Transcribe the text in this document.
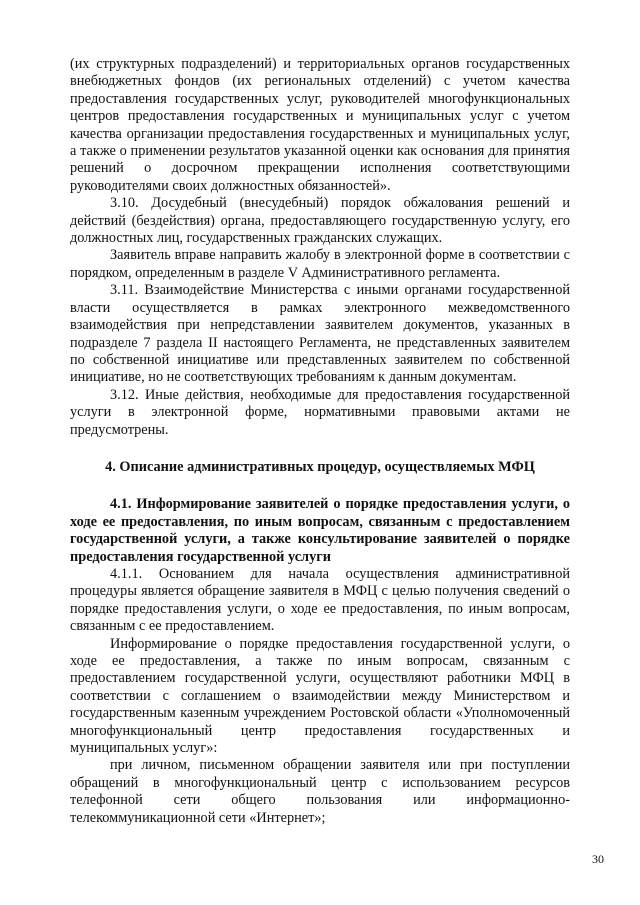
(их структурных подразделений) и территориальных органов государственных внебюджетных фондов (их региональных отделений) с учетом качества предоставления государственных услуг, руководителей многофункциональных центров предоставления государственных и муниципальных услуг с учетом качества организации предоставления государственных и муниципальных услуг, а также о применении результатов указанной оценки как основания для принятия решений о досрочном прекращении исполнения соответствующими руководителями своих должностных обязанностей».

3.10. Досудебный (внесудебный) порядок обжалования решений и действий (бездействия) органа, предоставляющего государственную услугу, его должностных лиц, государственных гражданских служащих.

Заявитель вправе направить жалобу в электронной форме в соответствии с порядком, определенным в разделе V Административного регламента.

3.11. Взаимодействие Министерства с иными органами государственной власти осуществляется в рамках электронного межведомственного взаимодействия при непредставлении заявителем документов, указанных в подразделе 7 раздела II настоящего Регламента, не представленных заявителем по собственной инициативе или представленных заявителем по собственной инициативе, но не соответствующих требованиям к данным документам.

3.12. Иные действия, необходимые для предоставления государственной услуги в электронной форме, нормативными правовыми актами не предусмотрены.

4. Описание административных процедур, осуществляемых МФЦ

4.1. Информирование заявителей о порядке предоставления услуги, о ходе ее предоставления, по иным вопросам, связанным с предоставлением государственной услуги, а также консультирование заявителей о порядке предоставления государственной услуги

4.1.1. Основанием для начала осуществления административной процедуры является обращение заявителя в МФЦ с целью получения сведений о порядке предоставления услуги, о ходе ее предоставления, по иным вопросам, связанным с ее предоставлением.

Информирование о порядке предоставления государственной услуги, о ходе ее предоставления, а также по иным вопросам, связанным с предоставлением государственной услуги, осуществляют работники МФЦ в соответствии с соглашением о взаимодействии между Министерством и государственным казенным учреждением Ростовской области «Уполномоченный многофункциональный центр предоставления государственных и муниципальных услуг»:

при личном, письменном обращении заявителя или при поступлении обращений в многофункциональный центр с использованием ресурсов телефонной сети общего пользования или информационно-телекоммуникационной сети «Интернет»;

30
